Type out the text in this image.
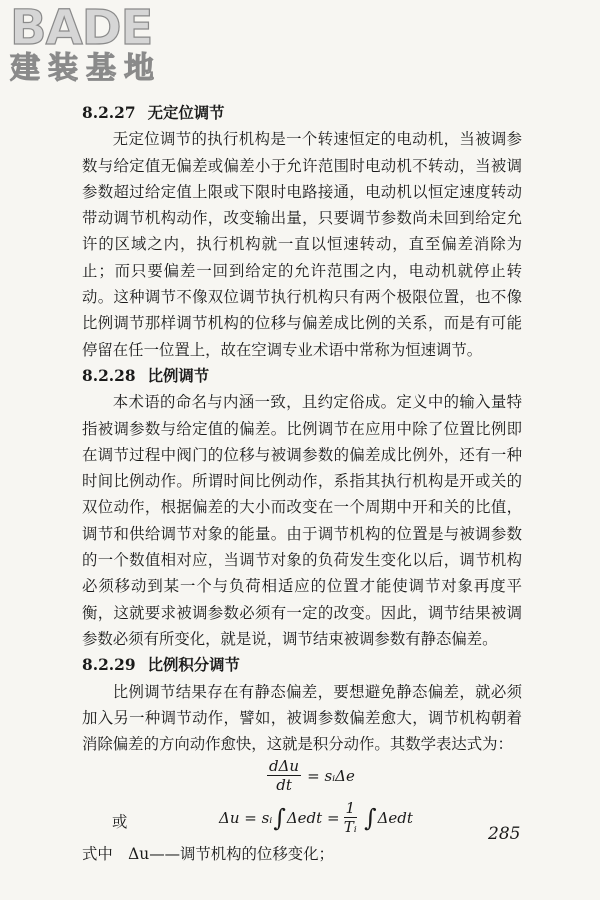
BADE
建装基地

8.2.27 无定位调节

无定位调节的执行机构是一个转速恒定的电动机，当被调参数与给定值无偏差或偏差小于允许范围时电动机不转动，当被调参数超过给定值上限或下限时电路接通，电动机以恒定速度转动带动调节机构动作，改变输出量，只要调节参数尚未回到给定允许的区域之内，执行机构就一直以恒速转动，直至偏差消除为止；而只要偏差一回到给定的允许范围之内，电动机就停止转动。这种调节不像双位调节执行机构只有两个极限位置，也不像比例调节那样调节机构的位移与偏差成比例的关系，而是有可能停留在任一位置上，故在空调专业术语中常称为恒速调节。

8.2.28 比例调节

本术语的命名与内涵一致，且约定俗成。定义中的输入量特指被调参数与给定值的偏差。比例调节在应用中除了位置比例即在调节过程中阀门的位移与被调参数的偏差成比例外，还有一种时间比例动作。所谓时间比例动作，系指其执行机构是开或关的双位动作，根据偏差的大小而改变在一个周期中开和关的比值，调节和供给调节对象的能量。由于调节机构的位置是与被调参数的一个数值相对应，当调节对象的负荷发生变化以后，调节机构必须移动到某一个与负荷相适应的位置才能使调节对象再度平衡，这就要求被调参数必须有一定的改变。因此，调节结果被调参数必须有所变化，就是说，调节结束被调参数有静态偏差。

8.2.29 比例积分调节

比例调节结果存在有静态偏差，要想避免静态偏差，就必须加入另一种调节动作，譬如，被调参数偏差愈大，调节机构朝着消除偏差的方向动作愈快，这就是积分动作。其数学表达式为：

$\frac{\text{dΔu}}{dt}$ = sᵢΔe
或	Δu = sᵢ ∫ $\Delta edt = \frac{1}{\text{Tᵢ}}$ ∫ Δedt

式中　Δu——调节机构的位移变化；

285
